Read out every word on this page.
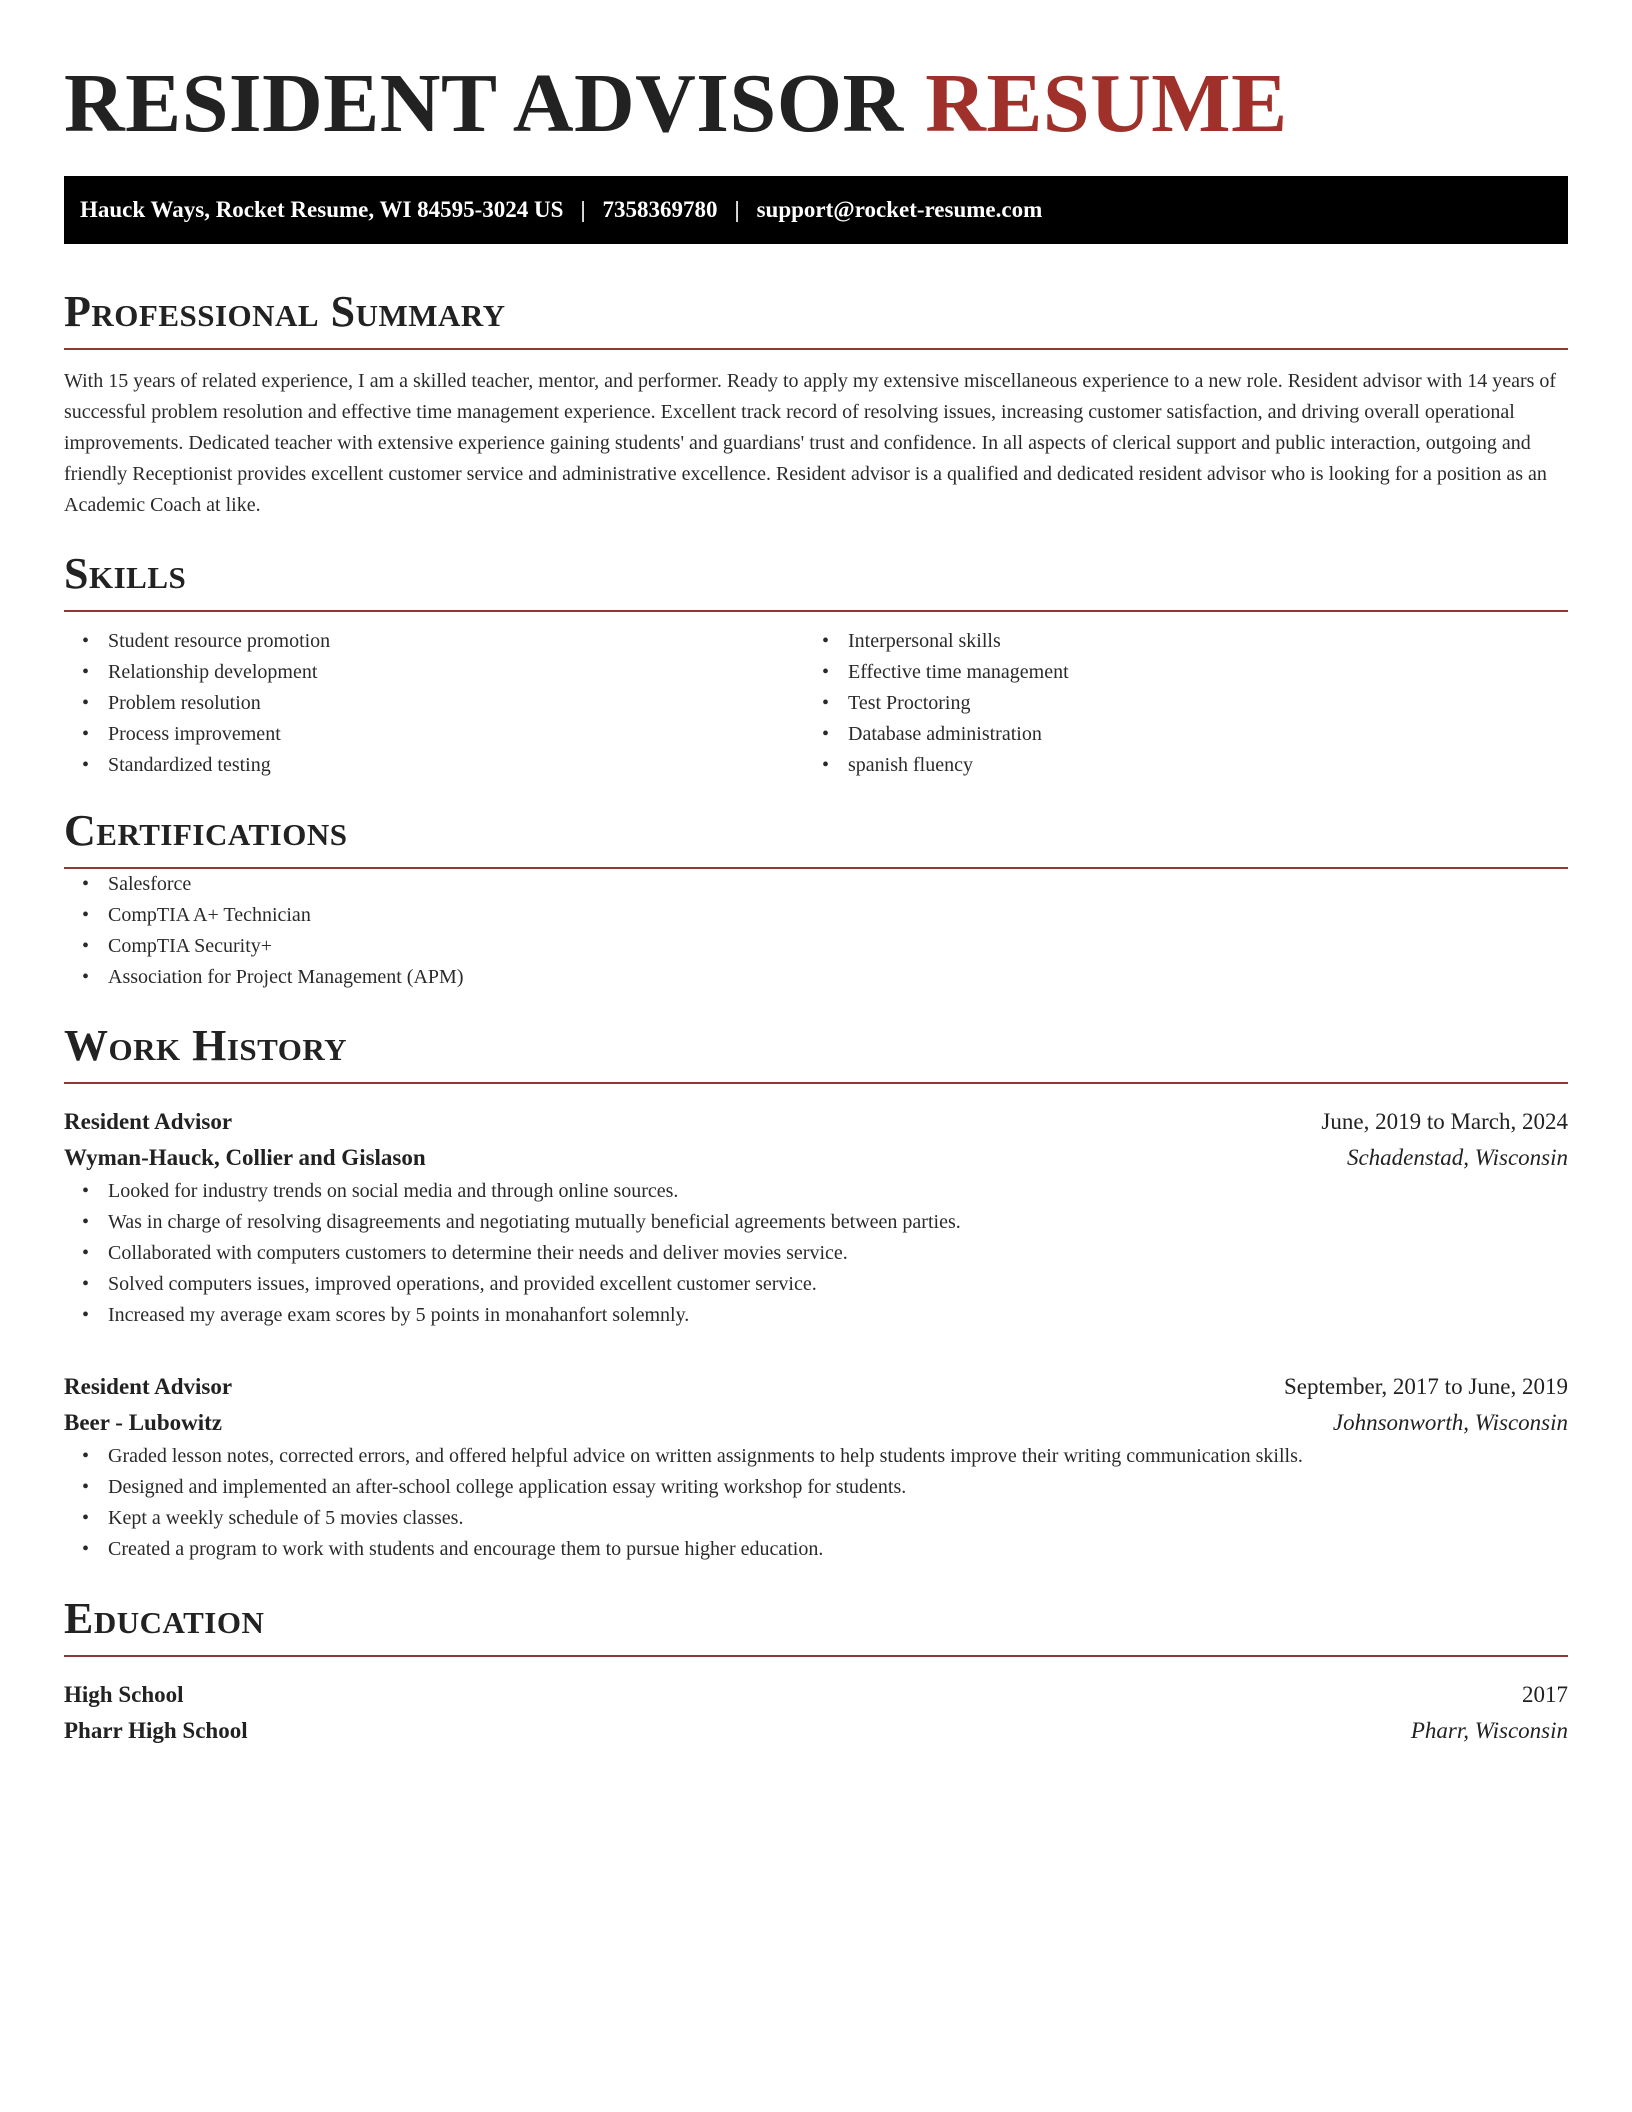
RESIDENT ADVISOR RESUME
Hauck Ways, Rocket Resume, WI 84595-3024 US | 7358369780 | support@rocket-resume.com
Professional Summary

With 15 years of related experience, I am a skilled teacher, mentor, and performer. Ready to apply my extensive miscellaneous experience to a new role. Resident advisor with 14 years of successful problem resolution and effective time management experience. Excellent track record of resolving issues, increasing customer satisfaction, and driving overall operational improvements. Dedicated teacher with extensive experience gaining students' and guardians' trust and confidence. In all aspects of clerical support and public interaction, outgoing and friendly Receptionist provides excellent customer service and administrative excellence. Resident advisor is a qualified and dedicated resident advisor who is looking for a position as an Academic Coach at like.

Skills
• Student resource promotion
• Relationship development
• Problem resolution
• Process improvement
• Standardized testing
• Interpersonal skills
• Effective time management
• Test Proctoring
• Database administration
• spanish fluency
Certifications
• Salesforce
• CompTIA A+ Technician
• CompTIA Security+
• Association for Project Management (APM)
Work History
Resident Advisor	June, 2019 to March, 2024
Wyman-Hauck, Collier and Gislason	Schadenstad, Wisconsin
• Looked for industry trends on social media and through online sources.
• Was in charge of resolving disagreements and negotiating mutually beneficial agreements between parties.
• Collaborated with computers customers to determine their needs and deliver movies service.
• Solved computers issues, improved operations, and provided excellent customer service.
• Increased my average exam scores by 5 points in monahanfort solemnly.
Resident Advisor	September, 2017 to June, 2019
Beer - Lubowitz	Johnsonworth, Wisconsin
• Graded lesson notes, corrected errors, and offered helpful advice on written assignments to help students improve their writing communication skills.
• Designed and implemented an after-school college application essay writing workshop for students.
• Kept a weekly schedule of 5 movies classes.
• Created a program to work with students and encourage them to pursue higher education.
Education
High School	2017
Pharr High School	Pharr, Wisconsin
